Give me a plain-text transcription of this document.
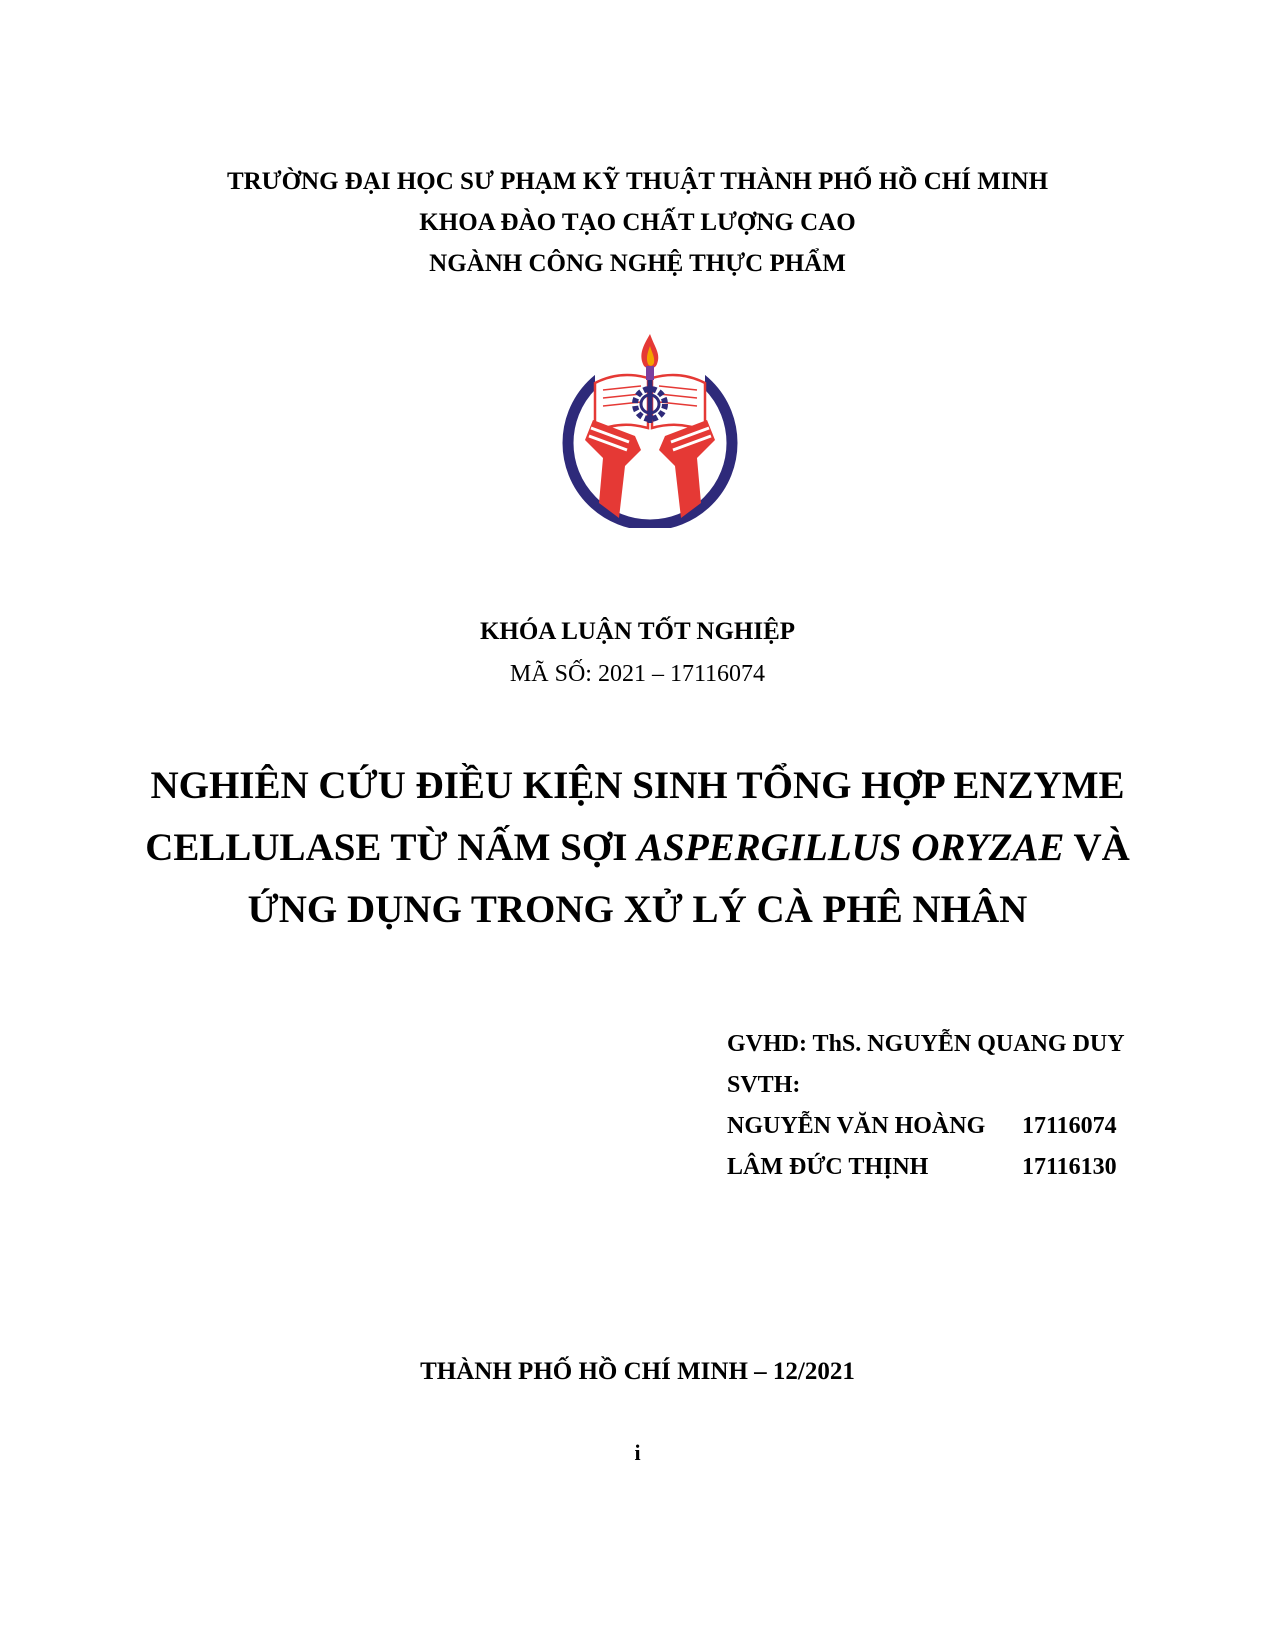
TRƯỜNG ĐẠI HỌC SƯ PHẠM KỸ THUẬT THÀNH PHỐ HỒ CHÍ MINH
KHOA ĐÀO TẠO CHẤT LƯỢNG CAO
NGÀNH CÔNG NGHỆ THỰC PHẨM
KHÓA LUẬN TỐT NGHIỆP
MÃ SỐ: 2021 – 17116074
NGHIÊN CỨU ĐIỀU KIỆN SINH TỔNG HỢP ENZYME
CELLULASE TỪ NẤM SỢI ASPERGILLUS ORYZAE VÀ
ỨNG DỤNG TRONG XỬ LÝ CÀ PHÊ NHÂN
GVHD: ThS. NGUYỄN QUANG DUY
SVTH:
NGUYỄN VĂN HOÀNG 17116074
LÂM ĐỨC THỊNH	17116130
THÀNH PHỐ HỒ CHÍ MINH – 12/2021
i
